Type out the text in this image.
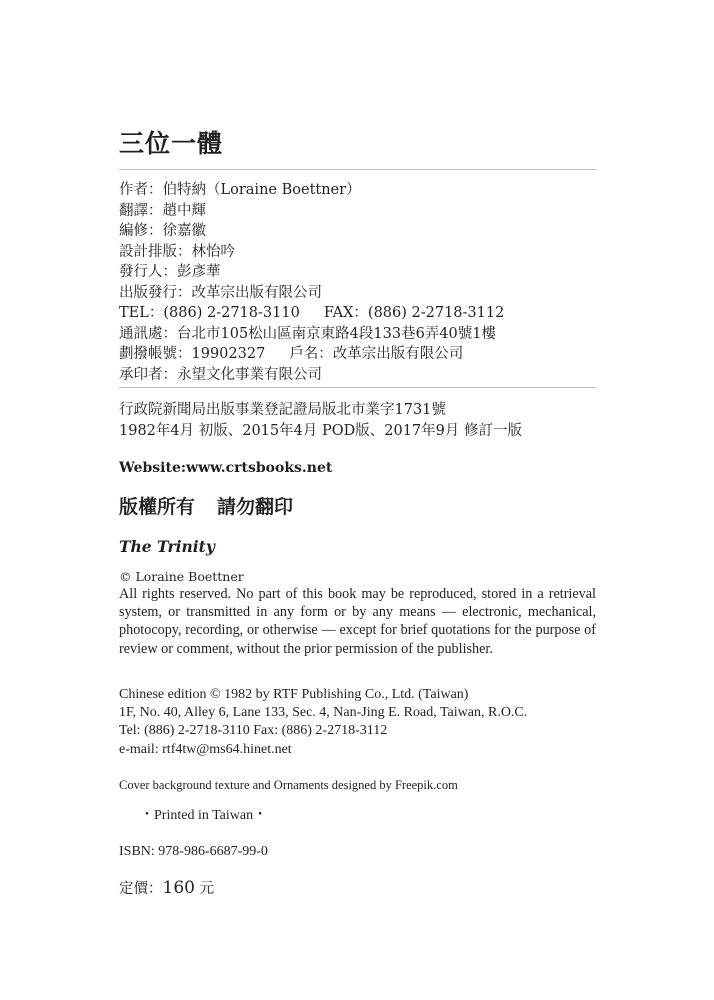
三位一體
作者：伯特納（Loraine Boettner）
翻譯：趙中輝
編修：徐嘉徽
設計排版：林怡吟
發行人：彭彥華
出版發行：改革宗出版有限公司
TEL：(886) 2-2718-3110 FAX：(886) 2-2718-3112
通訊處：台北市105松山區南京東路4段133巷6弄40號1樓
劃撥帳號：19902327 戶名：改革宗出版有限公司
承印者：永望文化事業有限公司
行政院新聞局出版事業登記證局版北市業字1731號
1982年4月 初版、2015年4月 POD版、2017年9月 修訂一版
Website:www.crtsbooks.net
版權所有 請勿翻印
The Trinity
© Loraine Boettner

All rights reserved. No part of this book may be reproduced, stored in a retrieval system, or transmitted in any form or by any means — electronic, mechanical, photocopy, recording, or otherwise — except for brief quotations for the purpose of review or comment, without the prior permission of the publisher.

Chinese edition © 1982 by RTF Publishing Co., Ltd. (Taiwan)
1F, No. 40, Alley 6, Lane 133, Sec. 4, Nan-Jing E. Road, Taiwan, R.O.C.
Tel: (886) 2-2718-3110 Fax: (886) 2-2718-3112
e-mail: rtf4tw@ms64.hinet.net
Cover background texture and Ornaments designed by Freepik.com
・Printed in Taiwan・
ISBN: 978-986-6687-99-0
定價：160 元
